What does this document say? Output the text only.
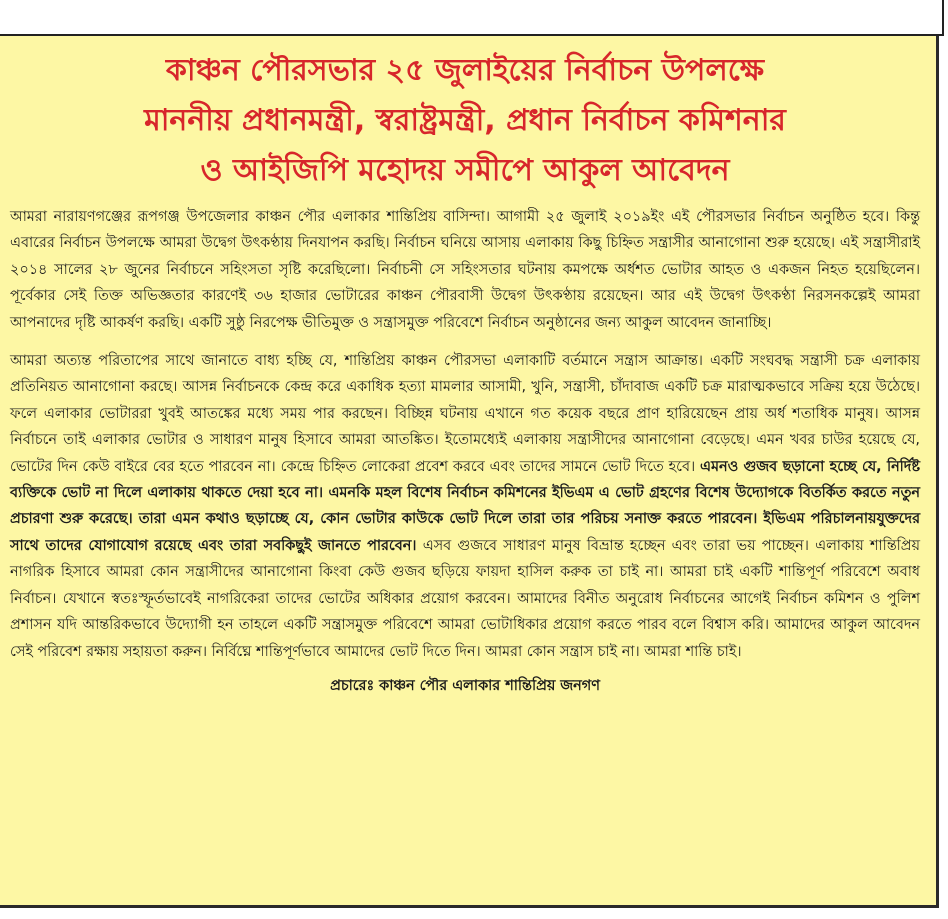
কাঞ্চন পৌরসভার ২৫ জুলাইয়ের নির্বাচন উপলক্ষে
মাননীয় প্রধানমন্ত্রী, স্বরাষ্ট্রমন্ত্রী, প্রধান নির্বাচন কমিশনার
ও আইজিপি মহোদয় সমীপে আকুল আবেদন

আমরা নারায়ণগঞ্জের রূপগঞ্জ উপজেলার কাঞ্চন পৌর এলাকার শান্তিপ্রিয় বাসিন্দা। আগামী ২৫ জুলাই ২০১৯ইং এই পৌরসভার নির্বাচন অনুষ্ঠিত হবে। কিন্তু এবারের নির্বাচন উপলক্ষে আমরা উদ্বেগ উৎকণ্ঠায় দিনযাপন করছি। নির্বাচন ঘনিয়ে আসায় এলাকায় কিছু চিহ্নিত সন্ত্রাসীর আনাগোনা শুরু হয়েছে। এই সন্ত্রাসীরাই ২০১৪ সালের ২৮ জুনের নির্বাচনে সহিংসতা সৃষ্টি করেছিলো। নির্বাচনী সে সহিংসতার ঘটনায় কমপক্ষে অর্ধশত ভোটার আহত ও একজন নিহত হয়েছিলেন। পূর্বেকার সেই তিক্ত অভিজ্ঞতার কারণেই ৩৬ হাজার ভোটারের কাঞ্চন পৌরবাসী উদ্বেগ উৎকণ্ঠায় রয়েছেন। আর এই উদ্বেগ উৎকণ্ঠা নিরসনকল্পেই আমরা আপনাদের দৃষ্টি আকর্ষণ করছি। একটি সুষ্ঠু নিরপেক্ষ ভীতিমুক্ত ও সন্ত্রাসমুক্ত পরিবেশে নির্বাচন অনুষ্ঠানের জন্য আকুল আবেদন জানাচ্ছি।

আমরা অত্যন্ত পরিতাপের সাথে জানাতে বাধ্য হচ্ছি যে, শান্তিপ্রিয় কাঞ্চন পৌরসভা এলাকাটি বর্তমানে সন্ত্রাস আক্রান্ত। একটি সংঘবদ্ধ সন্ত্রাসী চক্র এলাকায় প্রতিনিয়ত আনাগোনা করছে। আসন্ন নির্বাচনকে কেন্দ্র করে একাধিক হত্যা মামলার আসামী, খুনি, সন্ত্রাসী, চাঁদাবাজ একটি চক্র মারাত্মকভাবে সক্রিয় হয়ে উঠেছে। ফলে এলাকার ভোটাররা খুবই আতঙ্কের মধ্যে সময় পার করছেন। বিচ্ছিন্ন ঘটনায় এখানে গত কয়েক বছরে প্রাণ হারিয়েছেন প্রায় অর্ধ শতাধিক মানুষ। আসন্ন নির্বাচনে তাই এলাকার ভোটার ও সাধারণ মানুষ হিসাবে আমরা আতঙ্কিত। ইতোমধ্যেই এলাকায় সন্ত্রাসীদের আনাগোনা বেড়েছে। এমন খবর চাউর হয়েছে যে, ভোটের দিন কেউ বাইরে বের হতে পারবেন না। কেন্দ্রে চিহ্নিত লোকেরা প্রবেশ করবে এবং তাদের সামনে ভোট দিতে হবে। এমনও গুজব ছড়ানো হচ্ছে যে, নির্দিষ্ট ব্যক্তিকে ভোট না দিলে এলাকায় থাকতে দেয়া হবে না। এমনকি মহল বিশেষ নির্বাচন কমিশনের ইভিএম এ ভোট গ্রহণের বিশেষ উদ্যোগকে বিতর্কিত করতে নতুন প্রচারণা শুরু করেছে। তারা এমন কথাও ছড়াচ্ছে যে, কোন ভোটার কাউকে ভোট দিলে তারা তার পরিচয় সনাক্ত করতে পারবেন। ইভিএম পরিচালনায়যুক্তদের সাথে তাদের যোগাযোগ রয়েছে এবং তারা সবকিছুই জানতে পারবেন। এসব গুজবে সাধারণ মানুষ বিভ্রান্ত হচ্ছেন এবং তারা ভয় পাচ্ছেন। এলাকায় শান্তিপ্রিয় নাগরিক হিসাবে আমরা কোন সন্ত্রাসীদের আনাগোনা কিংবা কেউ গুজব ছড়িয়ে ফায়দা হাসিল করুক তা চাই না। আমরা চাই একটি শান্তিপূর্ণ পরিবেশে অবাধ নির্বাচন। যেখানে স্বতঃস্ফূর্তভাবেই নাগরিকেরা তাদের ভোটের অধিকার প্রয়োগ করবেন। আমাদের বিনীত অনুরোধ নির্বাচনের আগেই নির্বাচন কমিশন ও পুলিশ প্রশাসন যদি আন্তরিকভাবে উদ্যোগী হন তাহলে একটি সন্ত্রাসমুক্ত পরিবেশে আমরা ভোটাধিকার প্রয়োগ করতে পারব বলে বিশ্বাস করি। আমাদের আকুল আবেদন সেই পরিবেশ রক্ষায় সহায়তা করুন। নির্বিঘ্নে শান্তিপূর্ণভাবে আমাদের ভোট দিতে দিন। আমরা কোন সন্ত্রাস চাই না। আমরা শান্তি চাই।

প্রচারেঃ কাঞ্চন পৌর এলাকার শান্তিপ্রিয় জনগণ
